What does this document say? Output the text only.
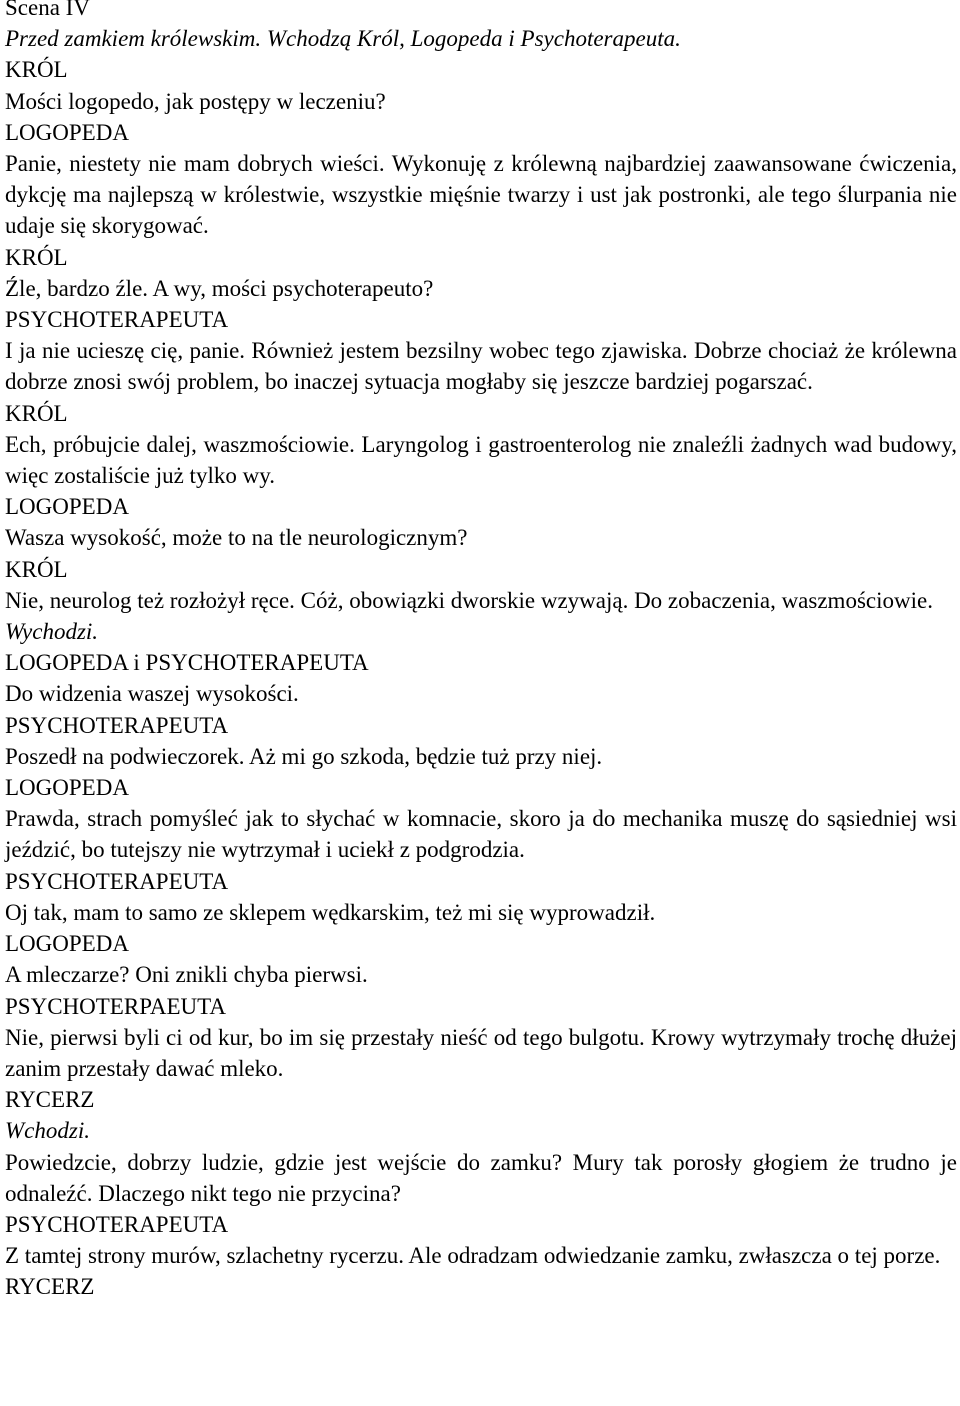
Scena IV

Przed zamkiem królewskim. Wchodzą Król, Logopeda i Psychoterapeuta.

KRÓL

Mości logopedo, jak postępy w leczeniu?

LOGOPEDA

Panie, niestety nie mam dobrych wieści. Wykonuję z królewną najbardziej zaawansowane ćwiczenia, dykcję ma najlepszą w królestwie, wszystkie mięśnie twarzy i ust jak postronki, ale tego ślurpania nie udaje się skorygować.

KRÓL

Źle, bardzo źle. A wy, mości psychoterapeuto?

PSYCHOTERAPEUTA

I ja nie ucieszę cię, panie. Również jestem bezsilny wobec tego zjawiska. Dobrze chociaż że królewna dobrze znosi swój problem, bo inaczej sytuacja mogłaby się jeszcze bardziej pogarszać.

KRÓL

Ech, próbujcie dalej, waszmościowie. Laryngolog i gastroenterolog nie znaleźli żadnych wad budowy, więc zostaliście już tylko wy.

LOGOPEDA

Wasza wysokość, może to na tle neurologicznym?

KRÓL

Nie, neurolog też rozłożył ręce. Cóż, obowiązki dworskie wzywają. Do zobaczenia, waszmościowie.

Wychodzi.

LOGOPEDA i PSYCHOTERAPEUTA

Do widzenia waszej wysokości.

PSYCHOTERAPEUTA

Poszedł na podwieczorek. Aż mi go szkoda, będzie tuż przy niej.

LOGOPEDA

Prawda, strach pomyśleć jak to słychać w komnacie, skoro ja do mechanika muszę do sąsiedniej wsi jeździć, bo tutejszy nie wytrzymał i uciekł z podgrodzia.

PSYCHOTERAPEUTA

Oj tak, mam to samo ze sklepem wędkarskim, też mi się wyprowadził.

LOGOPEDA

A mleczarze? Oni znikli chyba pierwsi.

PSYCHOTERPAEUTA

Nie, pierwsi byli ci od kur, bo im się przestały nieść od tego bulgotu. Krowy wytrzymały trochę dłużej zanim przestały dawać mleko.

RYCERZ

Wchodzi.

Powiedzcie, dobrzy ludzie, gdzie jest wejście do zamku? Mury tak porosły głogiem że trudno je odnaleźć. Dlaczego nikt tego nie przycina?

PSYCHOTERAPEUTA

Z tamtej strony murów, szlachetny rycerzu. Ale odradzam odwiedzanie zamku, zwłaszcza o tej porze.

RYCERZ
